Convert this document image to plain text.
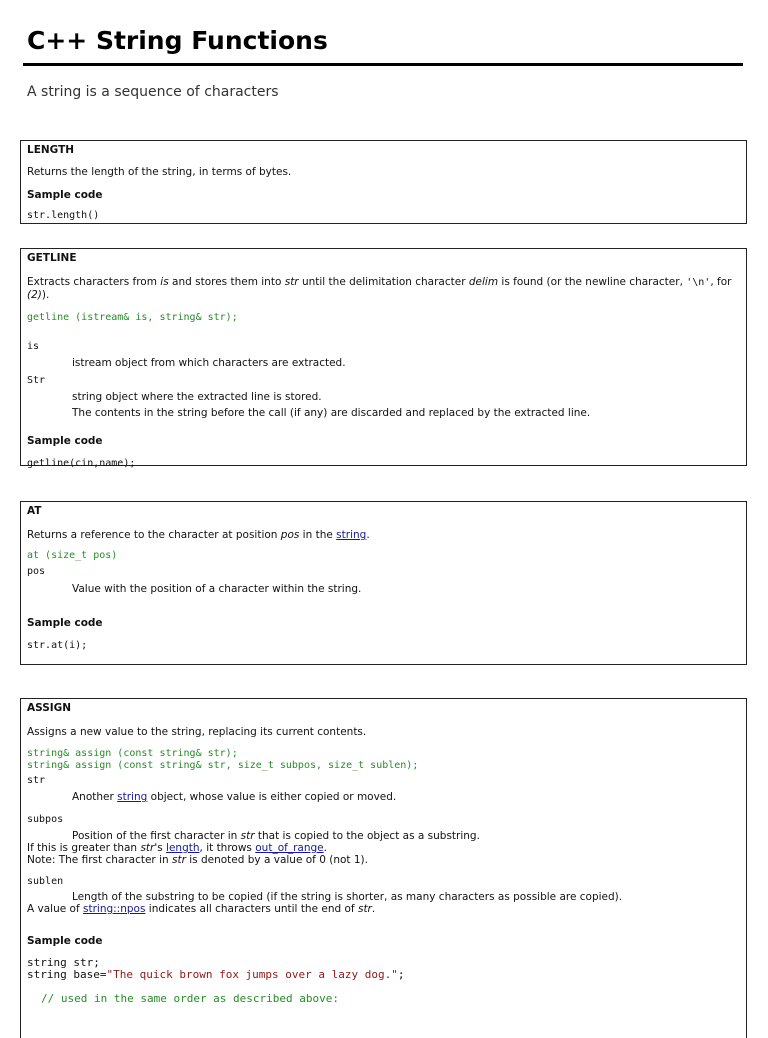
C++ String Functions

A string is a sequence of characters

LENGTH
Returns the length of the string, in terms of bytes.
Sample code
str.length()
GETLINE
Extracts characters from is and stores them into str until the delimitation character delim is found (or the newline character, '\n', for (2)).
getline (istream& is, string& str);
is
istream object from which characters are extracted.
Str
string object where the extracted line is stored.
The contents in the string before the call (if any) are discarded and replaced by the extracted line.
Sample code
getline(cin,name);
AT
Returns a reference to the character at position pos in the string.
at (size_t pos)
pos
Value with the position of a character within the string.
Sample code
str.at(i);
ASSIGN
Assigns a new value to the string, replacing its current contents.
string& assign (const string& str);
string& assign (const string& str, size_t subpos, size_t sublen);
str
Another string object, whose value is either copied or moved.
subpos
Position of the first character in str that is copied to the object as a substring.
If this is greater than str's length, it throws out_of_range.
Note: The first character in str is denoted by a value of 0 (not 1).
sublen
Length of the substring to be copied (if the string is shorter, as many characters as possible are copied).
A value of string::npos indicates all characters until the end of str.
Sample code
string str;
string base="The quick brown fox jumps over a lazy dog.";
// used in the same order as described above:
